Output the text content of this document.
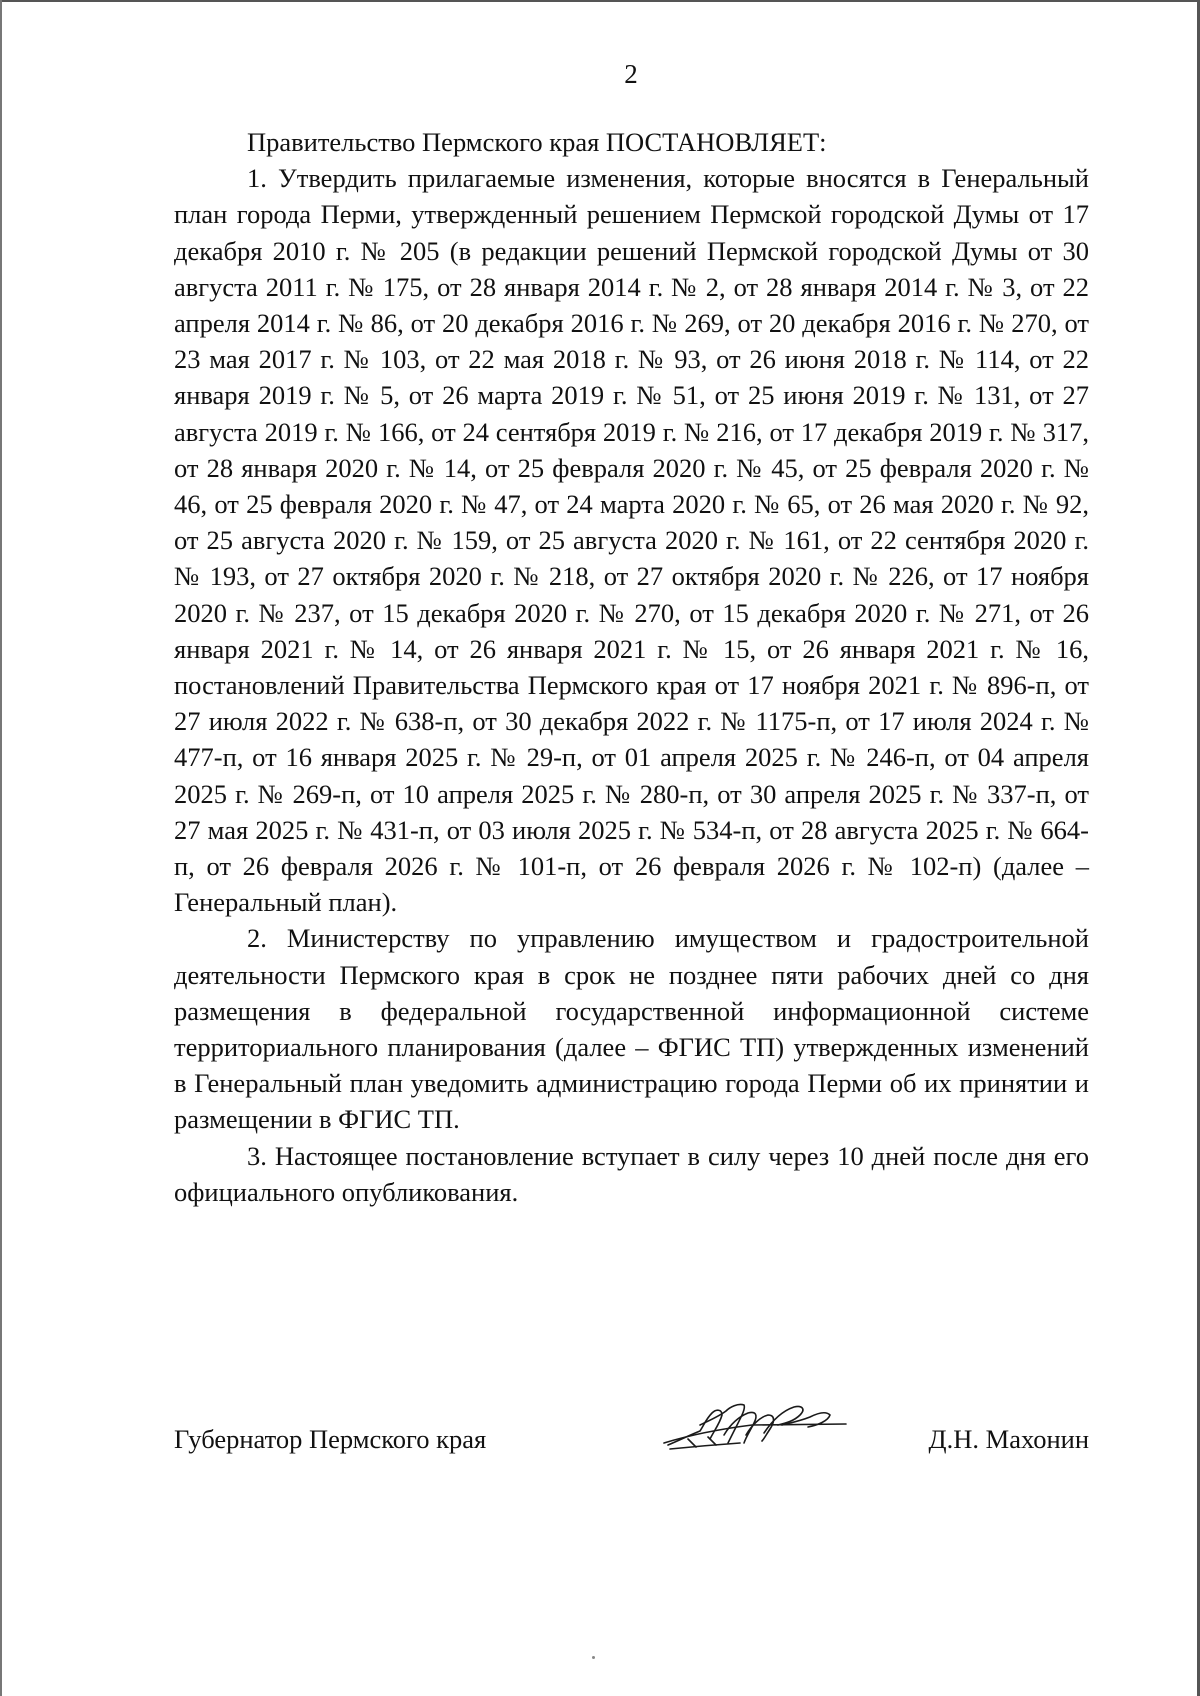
2

Правительство Пермского края ПОСТАНОВЛЯЕТ:

1. Утвердить прилагаемые изменения, которые вносятся в Генеральный план города Перми, утвержденный решением Пермской городской Думы от 17 декабря 2010 г. № 205 (в редакции решений Пермской городской Думы от 30 августа 2011 г. № 175, от 28 января 2014 г. № 2, от 28 января 2014 г. № 3, от 22 апреля 2014 г. № 86, от 20 декабря 2016 г. № 269, от 20 декабря 2016 г. № 270, от 23 мая 2017 г. № 103, от 22 мая 2018 г. № 93, от 26 июня 2018 г. № 114, от 22 января 2019 г. № 5, от 26 марта 2019 г. № 51, от 25 июня 2019 г. № 131, от 27 августа 2019 г. № 166, от 24 сентября 2019 г. № 216, от 17 декабря 2019 г. № 317, от 28 января 2020 г. № 14, от 25 февраля 2020 г. № 45, от 25 февраля 2020 г. № 46, от 25 февраля 2020 г. № 47, от 24 марта 2020 г. № 65, от 26 мая 2020 г. № 92, от 25 августа 2020 г. № 159, от 25 августа 2020 г. № 161, от 22 сентября 2020 г. № 193, от 27 октября 2020 г. № 218, от 27 октября 2020 г. № 226, от 17 ноября 2020 г. № 237, от 15 декабря 2020 г. № 270, от 15 декабря 2020 г. № 271, от 26 января 2021 г. № 14, от 26 января 2021 г. № 15, от 26 января 2021 г. № 16, постановлений Правительства Пермского края от 17 ноября 2021 г. № 896-п, от 27 июля 2022 г. № 638-п, от 30 декабря 2022 г. № 1175-п, от 17 июля 2024 г. № 477-п, от 16 января 2025 г. № 29-п, от 01 апреля 2025 г. № 246-п, от 04 апреля 2025 г. № 269-п, от 10 апреля 2025 г. № 280-п, от 30 апреля 2025 г. № 337-п, от 27 мая 2025 г. № 431-п, от 03 июля 2025 г. № 534-п, от 28 августа 2025 г. № 664-п, от 26 февраля 2026 г. № 101-п, от 26 февраля 2026 г. № 102-п) (далее – Генеральный план).

2. Министерству по управлению имуществом и градостроительной деятельности Пермского края в срок не позднее пяти рабочих дней со дня размещения в федеральной государственной информационной системе территориального планирования (далее – ФГИС ТП) утвержденных изменений в Генеральный план уведомить администрацию города Перми об их принятии и размещении в ФГИС ТП.

3. Настоящее постановление вступает в силу через 10 дней после дня его официального опубликования.

Губернатор Пермского края	Д.Н. Махонин
